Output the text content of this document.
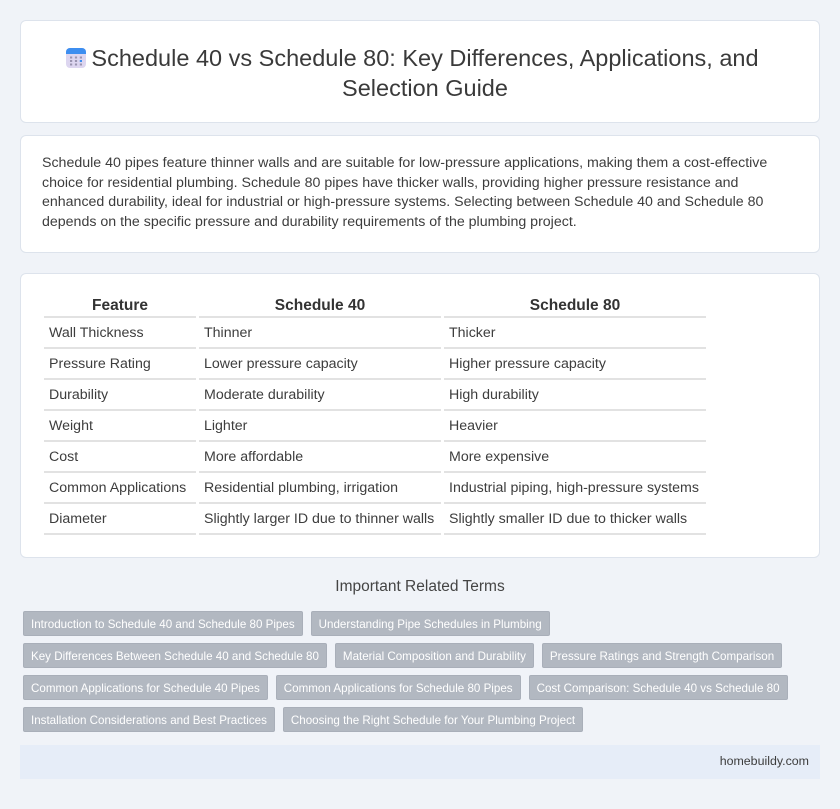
Schedule 40 vs Schedule 80: Key Differences, Applications, and Selection Guide

Schedule 40 pipes feature thinner walls and are suitable for low-pressure applications, making them a cost-effective choice for residential plumbing. Schedule 80 pipes have thicker walls, providing higher pressure resistance and enhanced durability, ideal for industrial or high-pressure systems. Selecting between Schedule 40 and Schedule 80 depends on the specific pressure and durability requirements of the plumbing project.

Feature	Schedule 40	Schedule 80
Wall Thickness	Thinner	Thicker
Pressure Rating	Lower pressure capacity	Higher pressure capacity
Durability	Moderate durability	High durability
Weight	Lighter	Heavier
Cost	More affordable	More expensive
Common Applications	Residential plumbing, irrigation	Industrial piping, high-pressure systems
Diameter	Slightly larger ID due to thinner walls	Slightly smaller ID due to thicker walls
Important Related Terms
Introduction to Schedule 40 and Schedule 80 Pipes	Understanding Pipe Schedules in Plumbing
Key Differences Between Schedule 40 and Schedule 80	Material Composition and Durability	Pressure Ratings and Strength Comparison
Common Applications for Schedule 40 Pipes	Common Applications for Schedule 80 Pipes	Cost Comparison: Schedule 40 vs Schedule 80
Installation Considerations and Best Practices	Choosing the Right Schedule for Your Plumbing Project
homebuildy.com
